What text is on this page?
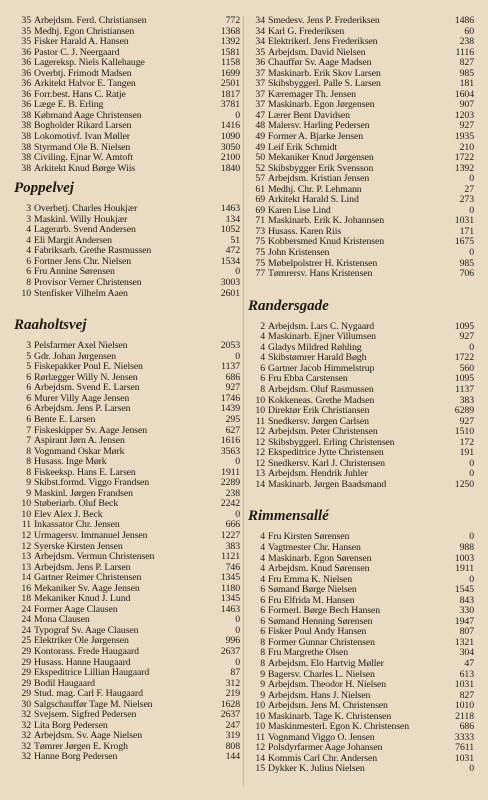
35 Arbejdsm. Ferd. Christiansen	772
35 Medhj. Egon Christiansen	1368
35 Fisker Harald A. Hansen	1392
36 Pastor C. J. Neergaard	1581
36 Lagereksp. Niels Kallehauge	1158
36 Overbtj. Frimodt Madsen	1699
36 Arkitekt Halvor E. Tangen	2501
36 Forr.best. Hans C. Ratje	1817
36 Læge E. B. Erling	3781
38 Købmand Aage Christensen	0
38 Bogholder Rikard Larsen	1416
38 Lokomotivf. Ivan Møller	1090
38 Styrmand Ole B. Nielsen	3050
38 Civiling. Ejnar W. Amtoft	2100
38 Arkitekt Knud Børge Wiis	1840
Poppelvej
3 Overbetj. Charles Houkjær	1463
3 Maskinl. Willy Houkjær	134
4 Lagerarb. Svend Andersen	1052
4 Eli Margit Andersen	51
4 Fabriksarb. Grethe Rasmussen	472
6 Fortner Jens Chr. Nielsen	1534
6 Fru Annine Sørensen	0
8 Provisor Verner Christensen	3003
10 Stenfisker Vilhelm Aaen	2601
Raaholtsvej
3 Pelsfarmer Axel Nielsen	2053
5 Gdr. Johan Jørgensen	0
5 Fiskepakker Poul E. Nielsen	1137
6 Rørlægger Willy N. Jensen	686
6 Arbejdsm. Svend E. Larsen	927
6 Murer Villy Aage Jensen	1746
6 Arbejdsm. Jens P. Larsen	1439
6 Bente E. Larsen	295
7 Fiskeskipper Sv. Aage Jensen	627
7 Aspirant Jørn A. Jensen	1616
8 Vognmand Oskar Mørk	3563
8 Husass. Inge Mørk	0
8 Fiskeeksp. Hans E. Larsen	1911
9 Skibst.formd. Viggo Frandsen	2289
9 Maskinl. Jørgen Frandsen	238
10 Støberiarb. Oluf Beck	2242
10 Elev Alex J. Beck	0
11 Inkassator Chr. Jensen	666
12 Urmagersv. Immanuel Jensen	1227
12 Syerske Kirsten Jensen	383
13 Arbejdsm. Vermun Christensen	1121
13 Arbejdsm. Jens P. Larsen	746
14 Gartner Reimer Christensen	1345
16 Mekaniker Sv. Aage Jensen	1180
18 Mekaniker Knud J. Lund	1345
24 Former Aage Clausen	1463
24 Mona Clausen	0
24 Typograf Sv. Aage Clausen	0
25 Elektriker Ole Jørgensen	996
29 Kontorass. Frede Haugaard	2637
29 Husass. Hanne Haugaard	0
29 Ekspeditrice Lillian Haugaard	87
29 Bodil Haugaard	312
29 Stud. mag. Carl F. Haugaard	219
30 Salgschauffør Tage M. Nielsen	1628
32 Svejsem. Sigfred Pedersen	2637
32 Lita Borg Pedersen	247
32 Arbejdsm. Sv. Aage Nielsen	319
32 Tømrer Jørgen E. Krogh	808
32 Hanne Borg Pedersen	144
34 Smedesv. Jens P. Frederiksen	1486
34 Karl G. Frederiksen	60
34 Elektrikerl. Jens Frederiksen	238
35 Arbejdsm. David Nielsen	1116
36 Chauffør Sv. Aage Madsen	827
37 Maskinarb. Erik Skov Larsen	985
37 Skibsbyggerl. Palle S. Larsen	181
37 Kæremager Th. Jensen	1604
37 Maskinarb. Egon Jørgensen	907
47 Lærer Bent Davidsen	1203
48 Malersv. Harling Pedersen	927
49 Former A. Bjarke Jensen	1935
49 Leif Erik Schmidt	210
50 Mekaniker Knud Jørgensen	1722
52 Skibsbygger Erik Svensson	1392
57 Arbejdsm. Kristian Jensen	0
61 Medhj. Chr. P. Lehmann	27
69 Arkitekt Harald S. Lind	273
69 Karen Lise Lind	0
71 Maskinarb. Erik K. Johannsen	1031
73 Husass. Karen Riis	171
75 Kobbersmed Knud Kristensen	1675
75 John Kristensen	0
75 Møbelpolstrer H. Kristensen	985
77 Tømrersv. Hans Kristensen	706
Randersgade
2 Arbejdsm. Lars C. Nygaard	1095
4 Maskinarb. Ejner Villumsen	927
4 Gladys Mildred Røhling	0
4 Skibstømrer Harald Bøgh	1722
6 Gartner Jacob Himmelstrup	560
6 Fru Ebba Carstensen	1095
8 Arbejdsm. Oluf Rasmussen	1137
10 Kokkeneas. Grethe Madsen	383
10 Direktør Erik Christiansen	6289
11 Snedkersv. Jørgen Carlsen	927
12 Arbejdsm. Peter Christensen	1510
12 Skibsbyggerl. Erling Christensen	172
12 Ekspeditrice Jytte Christensen	191
12 Snedkersv. Karl J. Christensen	0
13 Arbejdsm. Hendrik Juhler	0
14 Maskinarb. Jørgen Baadsmand	1250
Rimmensallé
4 Fru Kirsten Sørensen	0
4 Vagtmester Chr. Hansen	988
4 Maskinarb. Egon Sørensen	1003
4 Arbejdsm. Knud Sørensen	1911
4 Fru Emma K. Nielsen	0
6 Sømand Børge Nielsen	1545
6 Fru Elfrida M. Hansen	843
6 Formerl. Børge Bech Hansen	330
6 Sømand Henning Sørensen	1947
6 Fisker Poul Andy Hansen	807
8 Former Gunnar Christensen	1321
8 Fru Margrethe Olsen	304
8 Arbejdsm. Elo Hartvig Møller	47
9 Bagersv. Charles L. Nielsen	613
9 Arbejdsm. Theodor H. Nielsen	1031
9 Arbejdsm. Hans J. Nielsen	827
10 Arbejdsm. Jens M. Christensen	1010
10 Maskinarb. Tage K. Christensen	2118
10 Maskinmesterl. Egon K. Christensen	686
11 Vognmand Viggo O. Jensen	3333
12 Polsdyrfarmer Aage Johansen	7611
14 Kommis Carl Chr. Andersen	1031
15 Dykker K. Julius Nielsen	0
